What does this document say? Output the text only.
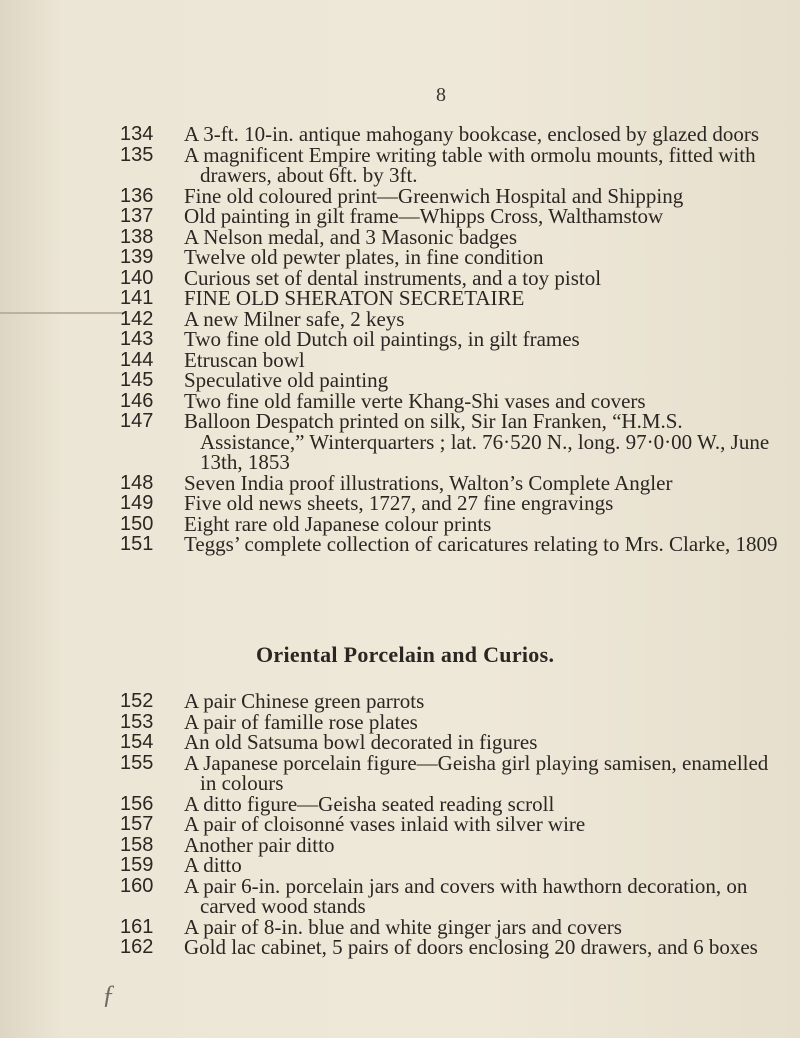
8
134	A 3-ft. 10-in. antique mahogany bookcase, enclosed by glazed doors
135	A magnificent Empire writing table with ormolu mounts, fitted with drawers, about 6ft. by 3ft.
136	Fine old coloured print—Greenwich Hospital and Shipping
137	Old painting in gilt frame—Whipps Cross, Walthamstow
138	A Nelson medal, and 3 Masonic badges
139	Twelve old pewter plates, in fine condition
140	Curious set of dental instruments, and a toy pistol
141	FINE OLD SHERATON SECRETAIRE
142	A new Milner safe, 2 keys
143	Two fine old Dutch oil paintings, in gilt frames
144	Etruscan bowl
145	Speculative old painting
146	Two fine old famille verte Khang-Shi vases and covers
147	Balloon Despatch printed on silk, Sir Ian Franken, “H.M.S. Assistance,” Winterquarters ; lat. 76·520 N., long. 97·0·00 W., June 13th, 1853
148	Seven India proof illustrations, Walton’s Complete Angler
149	Five old news sheets, 1727, and 27 fine engravings
150	Eight rare old Japanese colour prints
151	Teggs’ complete collection of caricatures relating to Mrs. Clarke, 1809
Oriental Porcelain and Curios.
152	A pair Chinese green parrots
153	A pair of famille rose plates
154	An old Satsuma bowl decorated in figures
155	A Japanese porcelain figure—Geisha girl playing samisen, enamelled in colours
156	A ditto figure—Geisha seated reading scroll
157	A pair of cloisonné vases inlaid with silver wire
158	Another pair ditto
159	A ditto
160	A pair 6-in. porcelain jars and covers with hawthorn decoration, on carved wood stands
161	A pair of 8-in. blue and white ginger jars and covers
162	Gold lac cabinet, 5 pairs of doors enclosing 20 drawers, and 6 boxes
ƒ
